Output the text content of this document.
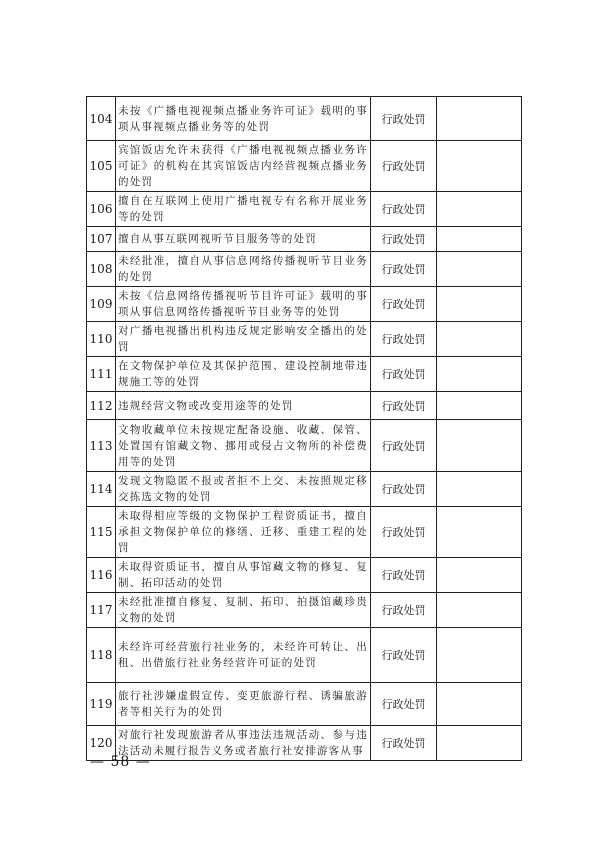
104	未按《广播电视视频点播业务许可证》载明的事项从事视频点播业务等的处罚	行政处罚	
105	宾馆饭店允许未获得《广播电视视频点播业务许可证》的机构在其宾馆饭店内经营视频点播业务的处罚	行政处罚	
106	擅自在互联网上使用广播电视专有名称开展业务等的处罚	行政处罚	
107	擅自从事互联网视听节目服务等的处罚	行政处罚	
108	未经批准，擅自从事信息网络传播视听节目业务的处罚	行政处罚	
109	未按《信息网络传播视听节目许可证》载明的事项从事信息网络传播视听节目业务等的处罚	行政处罚	
110	对广播电视播出机构违反规定影响安全播出的处罚	行政处罚	
111	在文物保护单位及其保护范围、建设控制地带违规施工等的处罚	行政处罚	
112	违规经营文物或改变用途等的处罚	行政处罚	
113	文物收藏单位未按规定配备设施、收藏、保管、处置国有馆藏文物、挪用或侵占文物所的补偿费用等的处罚	行政处罚	
114	发现文物隐匿不报或者拒不上交、未按照规定移交拣选文物的处罚	行政处罚	
115	未取得相应等级的文物保护工程资质证书，擅自承担文物保护单位的修缮、迁移、重建工程的处罚	行政处罚	
116	未取得资质证书，擅自从事馆藏文物的修复、复制、拓印活动的处罚	行政处罚	
117	未经批准擅自修复、复制、拓印、拍摄馆藏珍贵文物的处罚	行政处罚	
118	未经许可经营旅行社业务的，未经许可转让、出租、出借旅行社业务经营许可证的处罚	行政处罚	
119	旅行社涉嫌虚假宣传、变更旅游行程、诱骗旅游者等相关行为的处罚	行政处罚	
120	对旅行社发现旅游者从事违法违规活动、参与违法活动未履行报告义务或者旅行社安排游客从事	行政处罚	
— 58 —
